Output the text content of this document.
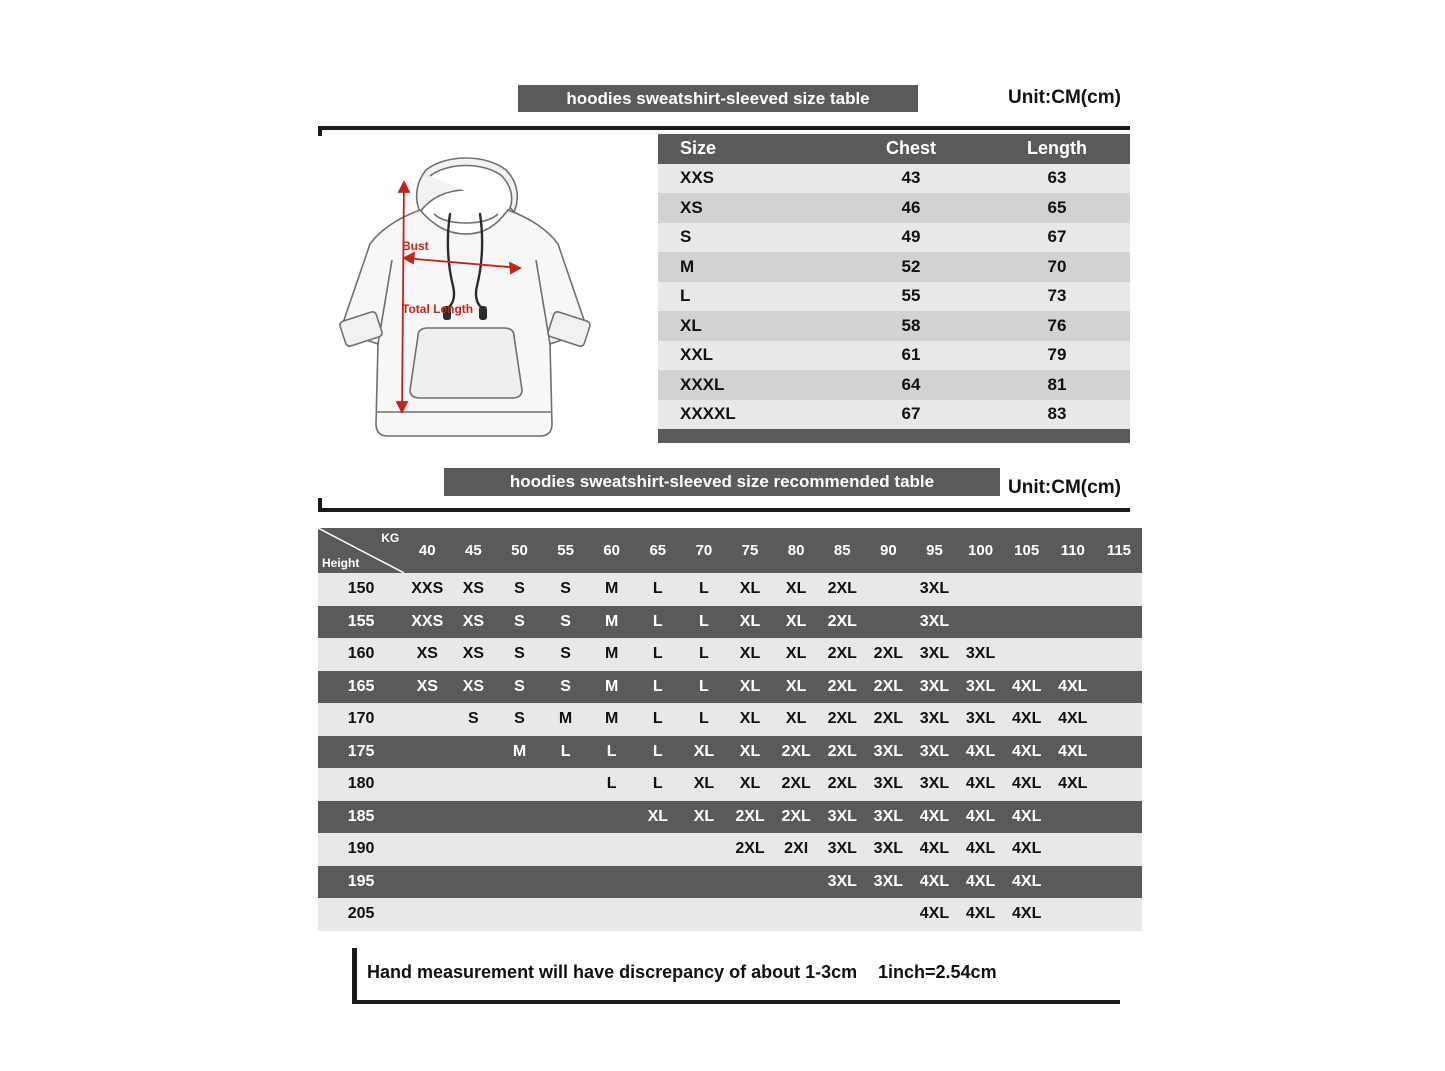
hoodies sweatshirt-sleeved size table	Unit:CM(cm)
Bust
Total Length
Size	Chest	Length
XXS	43	63
XS	46	65
S	49	67
M	52	70
L	55	73
XL	58	76
XXL	61	79
XXXL	64	81
XXXXL	67	83

hoodies sweatshirt-sleeved size recommended table	Unit:CM(cm)
KG
Height	40	45	50	55	60	65	70	75	80	85	90	95	100	105	110	115
150	XXS	XS	S	S	M	L	L	XL	XL	2XL		3XL				
155	XXS	XS	S	S	M	L	L	XL	XL	2XL		3XL				
160	XS	XS	S	S	M	L	L	XL	XL	2XL	2XL	3XL	3XL			
165	XS	XS	S	S	M	L	L	XL	XL	2XL	2XL	3XL	3XL	4XL	4XL	
170		S	S	M	M	L	L	XL	XL	2XL	2XL	3XL	3XL	4XL	4XL	
175			M	L	L	L	XL	XL	2XL	2XL	3XL	3XL	4XL	4XL	4XL	
180					L	L	XL	XL	2XL	2XL	3XL	3XL	4XL	4XL	4XL	
185						XL	XL	2XL	2XL	3XL	3XL	4XL	4XL	4XL		
190								2XL	2XI	3XL	3XL	4XL	4XL	4XL		
195										3XL	3XL	4XL	4XL	4XL		
205												4XL	4XL	4XL		
Hand measurement will have discrepancy of about 1-3cm 1inch=2.54cm
